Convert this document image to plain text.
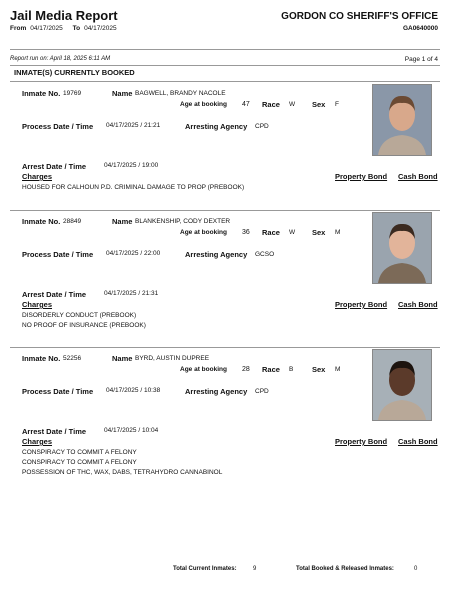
Jail Media Report
From 04/17/2025 To 04/17/2025
GORDON CO SHERIFF'S OFFICE
GA0640000
Report run on: April 18, 2025 6:11 AM	Page 1 of 4
INMATE(S) CURRENTLY BOOKED
Inmate No. 19769	Name BAGWELL, BRANDY NACOLE
Age at booking 47 Race W Sex F
Process Date / Time 04/17/2025 / 21:21	Arresting Agency CPD
Arrest Date / Time	04/17/2025 / 19:00
Charges	Property Bond Cash Bond
HOUSED FOR CALHOUN P.D. CRIMINAL DAMAGE TO PROP (PREBOOK)
Inmate No. 28849	Name BLANKENSHIP, CODY DEXTER
Age at booking 36 Race W Sex M
Process Date / Time 04/17/2025 / 22:00	Arresting Agency GCSO
Arrest Date / Time	04/17/2025 / 21:31
Charges	Property Bond Cash Bond
DISORDERLY CONDUCT (PREBOOK)
NO PROOF OF INSURANCE (PREBOOK)
Inmate No. 52256	Name BYRD, AUSTIN DUPREE
Age at booking 28 Race B Sex M
Process Date / Time 04/17/2025 / 10:38	Arresting Agency CPD
Arrest Date / Time	04/17/2025 / 10:04
Charges	Property Bond Cash Bond
CONSPIRACY TO COMMIT A FELONY
CONSPIRACY TO COMMIT A FELONY
POSSESSION OF THC, WAX, DABS, TETRAHYDRO CANNABINOL
Total Current Inmates:	9	Total Booked & Released Inmates:	0
